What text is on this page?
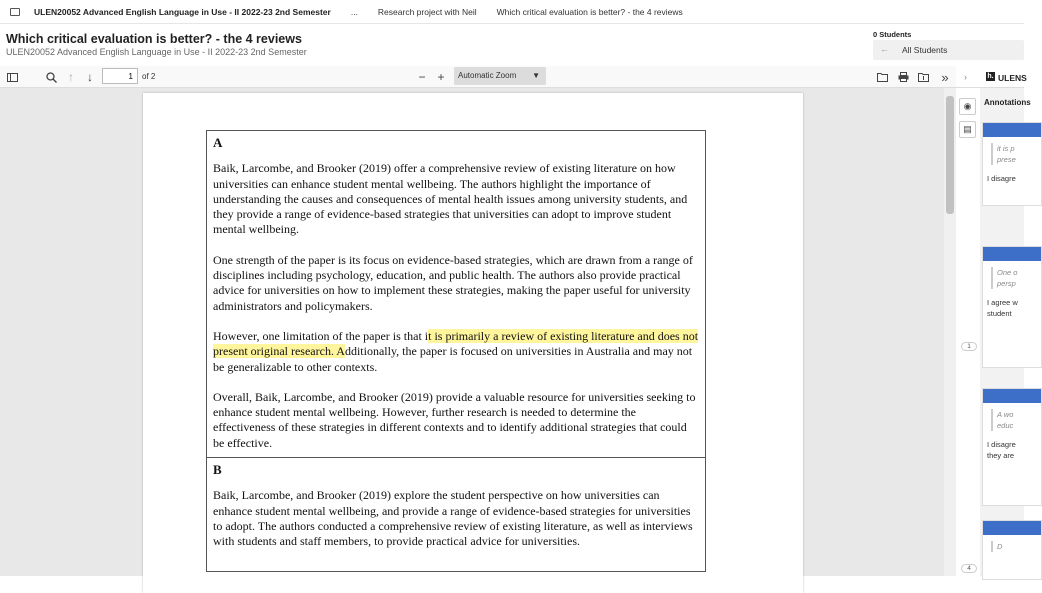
ULEN20052 Advanced English Language in Use - II 2022-23 2nd Semester ... Research project with Neil Which critical evaluation is better? - the 4 reviews
Which critical evaluation is better? - the 4 reviews
ULEN20052 Advanced English Language in Use - II 2022-23 2nd Semester
0 Students
← All Students
↑	↓
1	of 2	− +	Automatic Zoom ▼	»
A

Baik, Larcombe, and Brooker (2019) offer a comprehensive review of existing literature on how universities can enhance student mental wellbeing. The authors highlight the importance of understanding the causes and consequences of mental health issues among university students, and they provide a range of evidence-based strategies that universities can adopt to improve student mental wellbeing.

One strength of the paper is its focus on evidence-based strategies, which are drawn from a range of disciplines including psychology, education, and public health. The authors also provide practical advice for universities on how to implement these strategies, making the paper useful for university administrators and policymakers.

However, one limitation of the paper is that it is primarily a review of existing literature and does not present original research. Additionally, the paper is focused on universities in Australia and may not be generalizable to other contexts.

Overall, Baik, Larcombe, and Brooker (2019) provide a valuable resource for universities seeking to enhance student mental wellbeing. However, further research is needed to determine the effectiveness of these strategies in different contexts and to identify additional strategies that could be effective.

B

Baik, Larcombe, and Brooker (2019) explore the student perspective on how universities can enhance student mental wellbeing, and provide a range of evidence-based strategies for universities to adopt. The authors conducted a comprehensive review of existing literature, as well as interviews with students and staff members, to provide practical advice for universities.

›	h. ULENS
◉
▤
1
4
Annotations
it is p
prese
I disagre
One o
persp
I agree w
student
A wo
educ
I disagre
they are
D
